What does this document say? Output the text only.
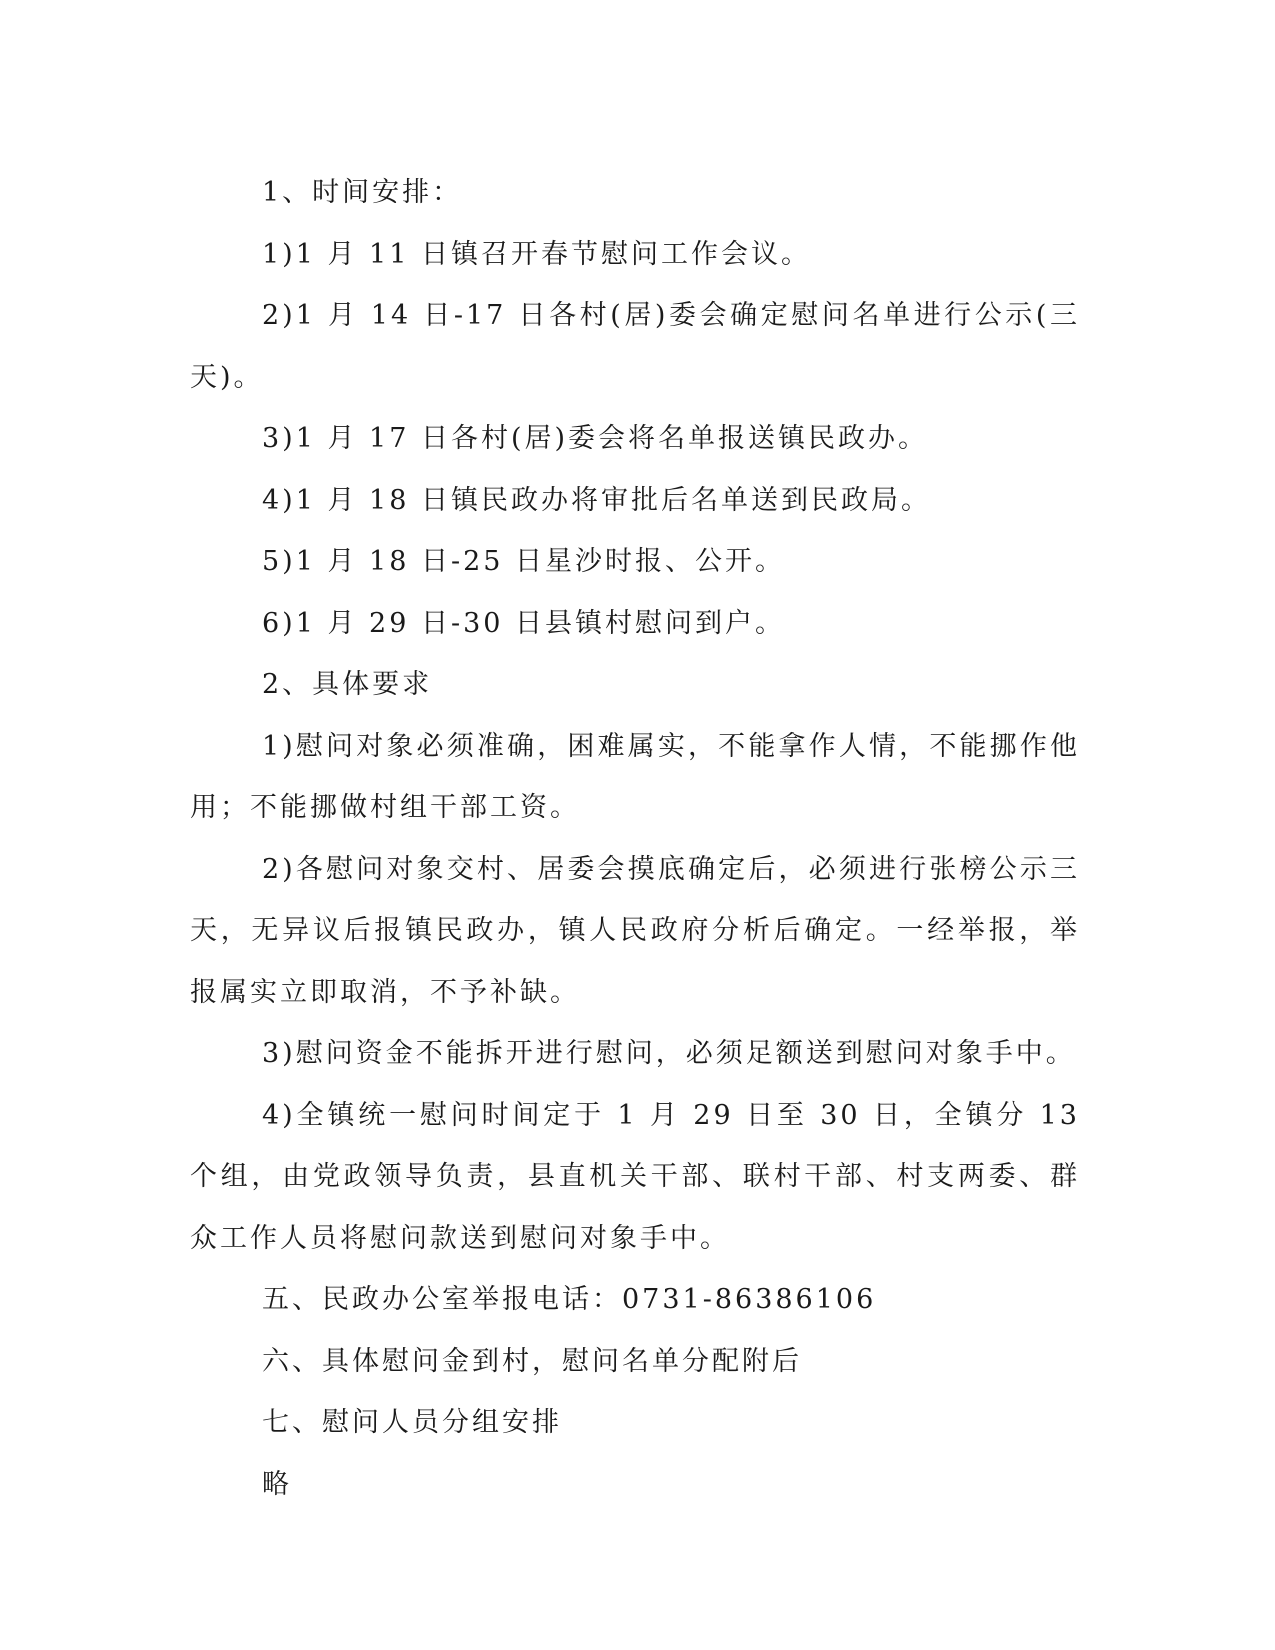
1、时间安排：

1)1 月 11 日镇召开春节慰问工作会议。

2)1 月 14 日-17 日各村(居)委会确定慰问名单进行公示(三天)。

3)1 月 17 日各村(居)委会将名单报送镇民政办。

4)1 月 18 日镇民政办将审批后名单送到民政局。

5)1 月 18 日-25 日星沙时报、公开。

6)1 月 29 日-30 日县镇村慰问到户。

2、具体要求

1)慰问对象必须准确，困难属实，不能拿作人情，不能挪作他用；不能挪做村组干部工资。

2)各慰问对象交村、居委会摸底确定后，必须进行张榜公示三天，无异议后报镇民政办，镇人民政府分析后确定。一经举报，举报属实立即取消，不予补缺。

3)慰问资金不能拆开进行慰问，必须足额送到慰问对象手中。

4)全镇统一慰问时间定于 1 月 29 日至 30 日，全镇分 13 个组，由党政领导负责，县直机关干部、联村干部、村支两委、群众工作人员将慰问款送到慰问对象手中。

五、民政办公室举报电话：0731-86386106

六、具体慰问金到村，慰问名单分配附后

七、慰问人员分组安排

略
